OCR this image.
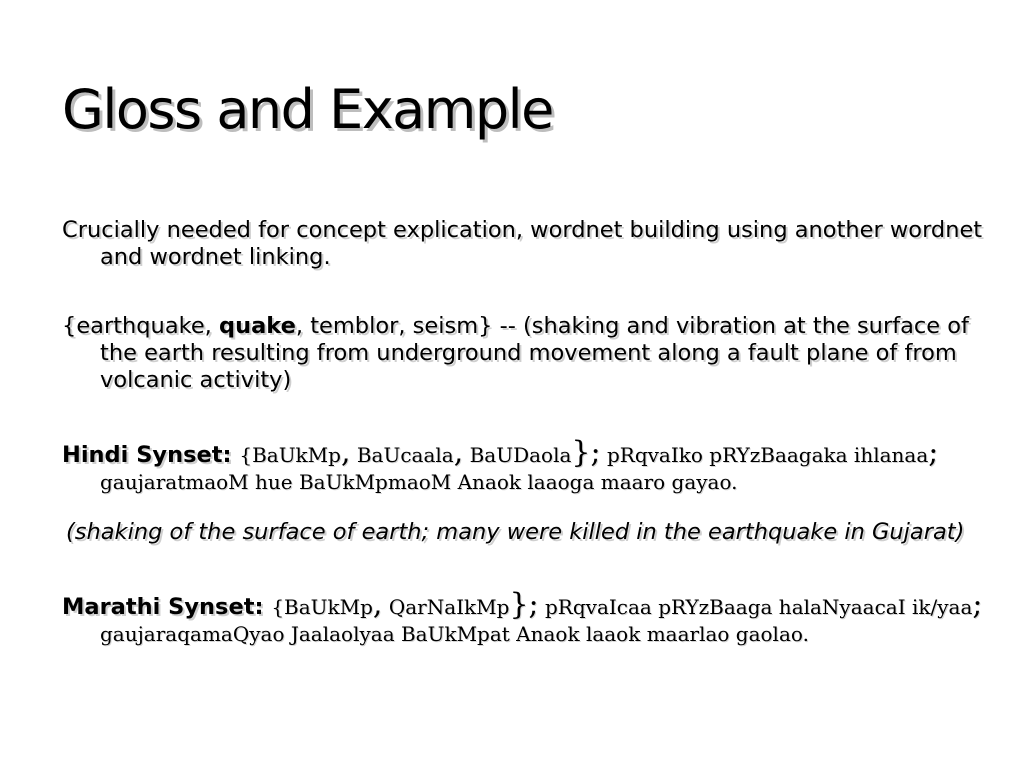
Gloss and Example
Crucially needed for concept explication, wordnet building using another wordnet and wordnet linking.
{earthquake, quake, temblor, seism} -- (shaking and vibration at the surface of the earth resulting from underground movement along a fault plane of from volcanic activity)
Hindi Synset: {BaUkMp, BaUcaala, BaUDaola}; pRqvaIko pRYzBaagaka ihlanaa; gaujaratmaoM hue BaUkMpmaoM Anaok laaoga maaro gayao.
(shaking of the surface of earth; many were killed in the earthquake in Gujarat)
Marathi Synset: {BaUkMp, QarNaIkMp}; pRqvaIcaa pRYzBaaga halaNyaacaI ik/yaa; gaujaraqamaQyao Jaalaolyaa BaUkMpat Anaok laaok maarlao gaolao.
